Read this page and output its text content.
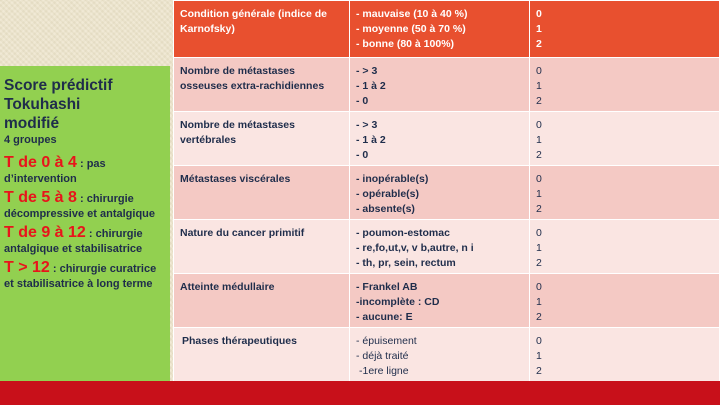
Score prédictif
Tokuhashi
modifié
4 groupes
T de 0 à 4 : pas d’intervention
T de 5 à 8 : chirurgie décompressive et antalgique
T de 9 à 12 : chirurgie antalgique et stabilisatrice
T > 12 : chirurgie curatrice et stabilisatrice à long terme
Condition générale (indice de Karnofsky)	- mauvaise (10 à 40 %)
- moyenne (50 à 70 %)
- bonne (80 à 100%)	0
1
2

Nombre de métastases osseuses extra-rachidiennes	- > 3
- 1 à 2
- 0	0
1
2

Nombre de métastases vertébrales	- > 3
- 1 à 2
- 0	0
1
2

Métastases viscérales	- inopérable(s)
- opérable(s)
- absente(s)	0
1
2

Nature du cancer primitif	- poumon-estomac
- re,fo,ut,v, v b,autre, n i
- th, pr, sein, rectum	0
1
2

Atteinte médullaire	- Frankel AB
-incomplète : CD
- aucune: E	0
1
2

Phases thérapeutiques	- épuisement
- déjà traité
-1ere ligne	0
1
2
